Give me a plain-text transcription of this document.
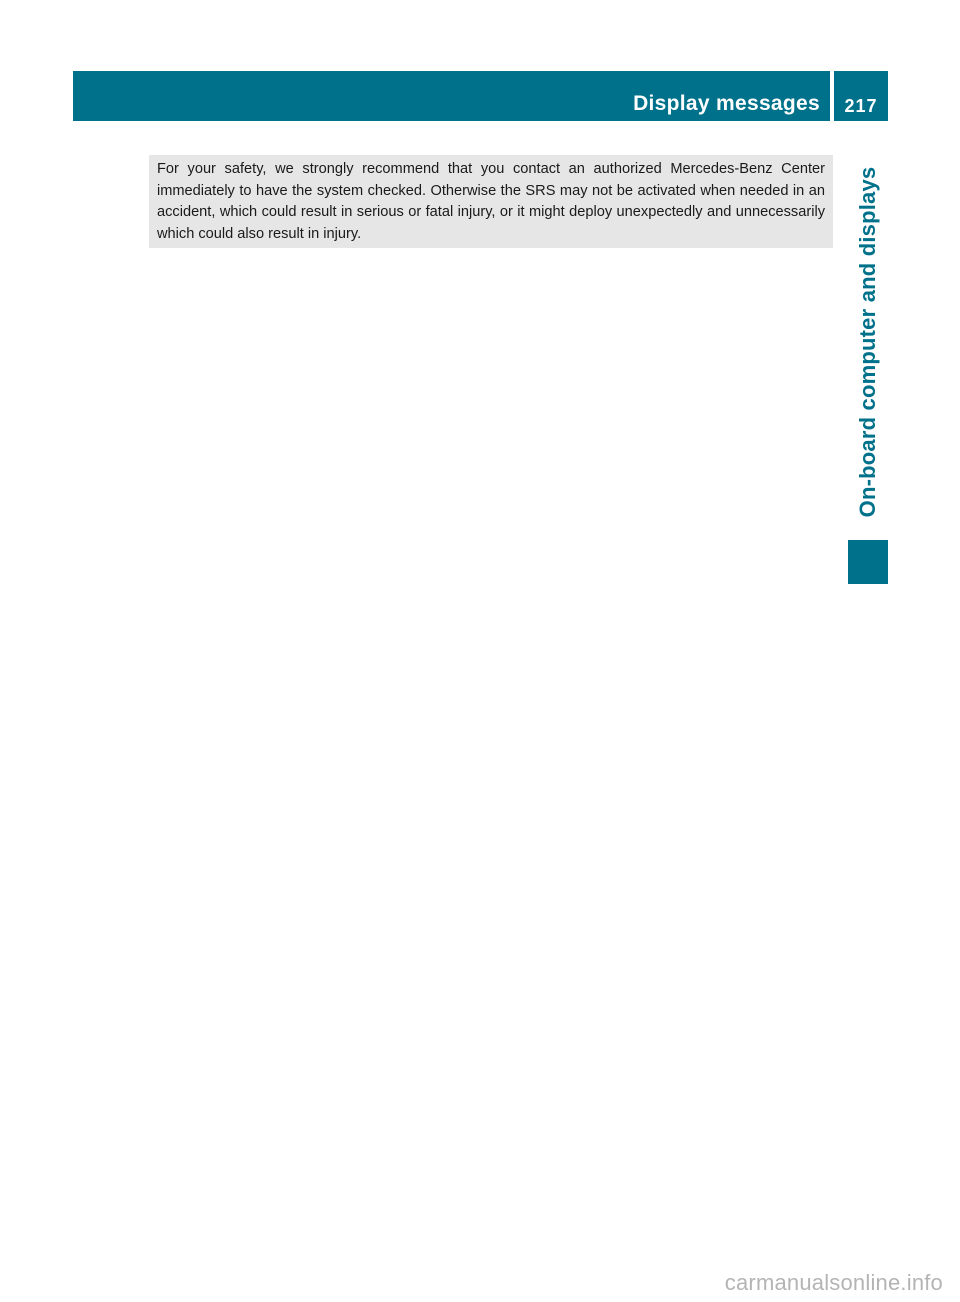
Display messages	217
On-board computer and displays

For your safety, we strongly recommend that you contact an authorized Mercedes-Benz Center immediately to have the system checked. Otherwise the SRS may not be activated when needed in an accident, which could result in serious or fatal injury, or it might deploy unexpectedly and unnecessarily which could also result in injury.

carmanualsonline.info
